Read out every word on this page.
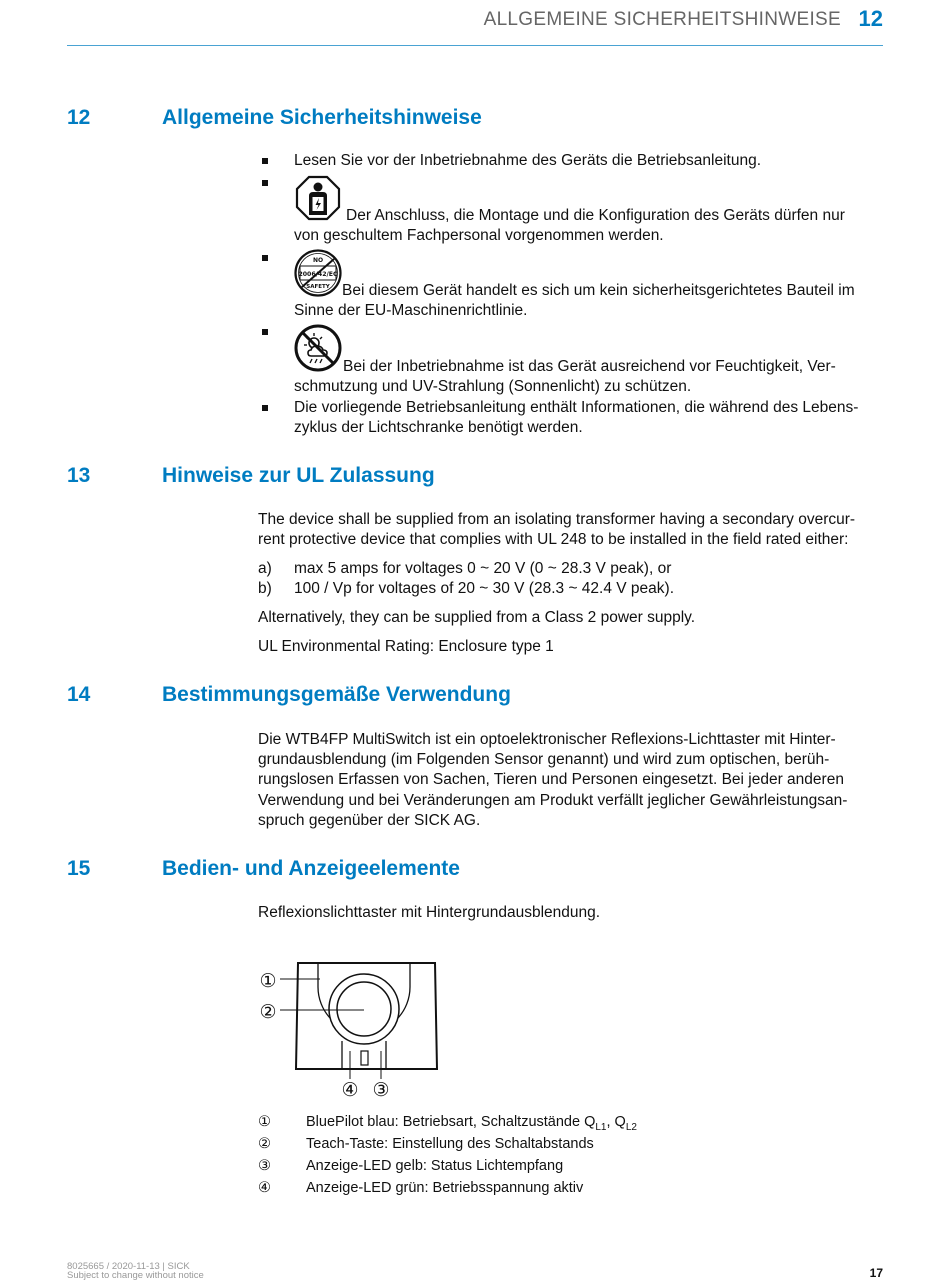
ALLGEMEINE SICHERHEITSHINWEISE 12
12	Allgemeine Sicherheitshinweise
Lesen Sie vor der Inbetriebnahme des Geräts die Betriebsanleitung.
Der Anschluss, die Montage und die Konfiguration des Geräts dürfen nur
von geschultem Fachpersonal vorgenommen werden.
NO
2006/42/EC
SAFETY Bei diesem Gerät handelt es sich um kein sicherheitsgerichtetes Bauteil im
Sinne der EU-Maschinenrichtlinie.
Bei der Inbetriebnahme ist das Gerät ausreichend vor Feuchtigkeit, Ver-
schmutzung und UV-Strahlung (Sonnenlicht) zu schützen.
Die vorliegende Betriebsanleitung enthält Informationen, die während des Lebens-
zyklus der Lichtschranke benötigt werden.
13	Hinweise zur UL Zulassung
The device shall be supplied from an isolating transformer having a secondary overcur-
rent protective device that complies with UL 248 to be installed in the field rated either:
a) max 5 amps for voltages 0 ~ 20 V (0 ~ 28.3 V peak), or
b) 100 / Vp for voltages of 20 ~ 30 V (28.3 ~ 42.4 V peak).
Alternatively, they can be supplied from a Class 2 power supply.
UL Environmental Rating: Enclosure type 1
14	Bestimmungsgemäße Verwendung
Die WTB4FP MultiSwitch ist ein optoelektronischer Reflexions-Lichttaster mit Hinter-
grundausblendung (im Folgenden Sensor genannt) und wird zum optischen, berüh-
rungslosen Erfassen von Sachen, Tieren und Personen eingesetzt. Bei jeder anderen
Verwendung und bei Veränderungen am Produkt verfällt jeglicher Gewährleistungsan-
spruch gegenüber der SICK AG.
15	Bedien- und Anzeigeelemente
Reflexionslichttaster mit Hintergrundausblendung.
①
②
④ ③
① BluePilot blau: Betriebsart, Schaltzustände $Q_{L1}$, $Q_{L2}$
② Teach-Taste: Einstellung des Schaltabstands
③ Anzeige-LED gelb: Status Lichtempfang
④ Anzeige-LED grün: Betriebsspannung aktiv
8025665 / 2020-11-13 | SICK
Subject to change without notice	17
